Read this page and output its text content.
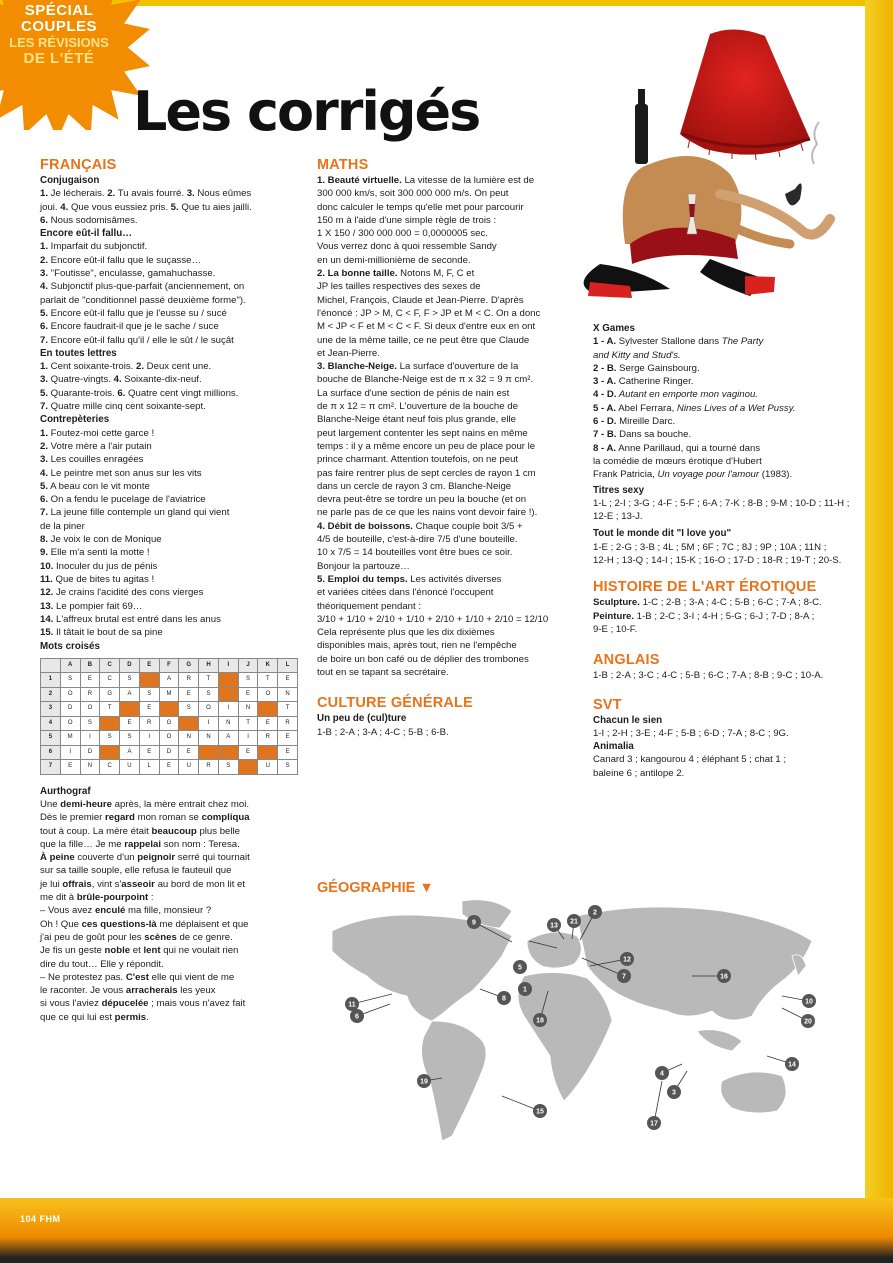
104 FHM
SPÉCIAL
COUPLES
LES RÉVISIONS
DE L'ÉTÉ
Les corrigés
FRANÇAIS
Conjugaison

1. Je lécherais. 2. Tu avais fourré. 3. Nous eûmes

joui. 4. Que vous eussiez pris. 5. Que tu aies jailli.

6. Nous sodomisâmes.

Encore eût-il fallu…

1. Imparfait du subjonctif.

2. Encore eût-il fallu que le suçasse…

3. "Foutisse", enculasse, gamahuchasse.

4. Subjonctif plus-que-parfait (anciennement, on

parlait de "conditionnel passé deuxième forme").

5. Encore eût-il fallu que je l'eusse su / sucé

6. Encore faudrait-il que je le sache / suce

7. Encore eût-il fallu qu'il / elle le sût / le suçât

En toutes lettres

1. Cent soixante-trois. 2. Deux cent une.

3. Quatre-vingts. 4. Soixante-dix-neuf.

5. Quarante-trois. 6. Quatre cent vingt millions.

7. Quatre mille cinq cent soixante-sept.

Contrepèteries

1. Foutez-moi cette garce !

2. Votre mère a l'air putain

3. Les couilles enragées

4. Le peintre met son anus sur les vits

5. A beau con le vit monte

6. On a fendu le pucelage de l'aviatrice

7. La jeune fille contemple un gland qui vient

de la piner

8. Je voix le con de Monique

9. Elle m'a senti la motte !

10. Inoculer du jus de pénis

11. Que de bites tu agitas !

12. Je crains l'acidité des cons vierges

13. Le pompier fait 69…

14. L'affreux brutal est entré dans les anus

15. Il tâtait le bout de sa pine

Mots croisés
	A	B	C	D	E	F	G	H	I	J	K	L
1	S	E	C	S		A	R	T		S	T	E
2	O	R	G	A	S	M	E	S		E	O	N
3	D	O	T		E		S	O	I	N		T
4	O	S		E	R	G		I	N	T	E	R
5	M	I	S	S	I	O	N	N	A	I	R	E
6	I	D		A	E	D	E			E		E
7	E	N	C	U	L	E	U	R	S		U	S
Aurthograf

Une demi-heure après, la mère entrait chez moi.

Dès le premier regard mon roman se compliqua

tout à coup. La mère était beaucoup plus belle

que la fille… Je me rappelai son nom : Teresa.

À peine couverte d'un peignoir serré qui tournait

sur sa taille souple, elle refusa le fauteuil que

je lui offrais, vint s'asseoir au bord de mon lit et

me dit à brûle-pourpoint :

– Vous avez enculé ma fille, monsieur ?

Oh ! Que ces questions-là me déplaisent et que

j'ai peu de goût pour les scènes de ce genre.

Je fis un geste noble et lent qui ne voulait rien

dire du tout… Elle y répondit.

– Ne protestez pas. C'est elle qui vient de me

le raconter. Je vous arracherais les yeux

si vous l'aviez dépucelée ; mais vous n'avez fait

que ce qui lui est permis.

MATHS

1. Beauté virtuelle. La vitesse de la lumière est de

300 000 km/s, soit 300 000 000 m/s. On peut

donc calculer le temps qu'elle met pour parcourir

150 m à l'aide d'une simple règle de trois :

1 X 150 / 300 000 000 = 0,0000005 sec.

Vous verrez donc à quoi ressemble Sandy

en un demi-millionième de seconde.

2. La bonne taille. Notons M, F, C et

JP les tailles respectives des sexes de

Michel, François, Claude et Jean-Pierre. D'après

l'énoncé : JP > M, C < F, F > JP et M < C. On a donc

M < JP < F et M < C < F. Si deux d'entre eux en ont

une de la même taille, ce ne peut être que Claude

et Jean-Pierre.

3. Blanche-Neige. La surface d'ouverture de la

bouche de Blanche-Neige est de π x 32 = 9 π cm².

La surface d'une section de pénis de nain est

de π x 12 = π cm². L'ouverture de la bouche de

Blanche-Neige étant neuf fois plus grande, elle

peut largement contenter les sept nains en même

temps : il y a même encore un peu de place pour le

prince charmant. Attention toutefois, on ne peut

pas faire rentrer plus de sept cercles de rayon 1 cm

dans un cercle de rayon 3 cm. Blanche-Neige

devra peut-être se tordre un peu la bouche (et on

ne parle pas de ce que les nains vont devoir faire !).

4. Débit de boissons. Chaque couple boit 3/5 +

4/5 de bouteille, c'est-à-dire 7/5 d'une bouteille.

10 x 7/5 = 14 bouteilles vont être bues ce soir.

Bonjour la partouze…

5. Emploi du temps. Les activités diverses

et variées citées dans l'énoncé l'occupent

théoriquement pendant :

3/10 + 1/10 + 2/10 + 1/10 + 2/10 + 1/10 + 2/10 = 12/10

Cela représente plus que les dix dixièmes

disponibles mais, après tout, rien ne l'empêche

de boire un bon café ou de déplier des trombones

tout en se tapant sa secrétaire.

CULTURE GÉNÉRALE
Un peu de (cul)ture

1-B ; 2-A ; 3-A ; 4-C ; 5-B ; 6-B.

GÉOGRAPHIE ▼
1
2
3
4
5
6
7
8
9
10
11
12
13
14
15
16
17
18
19
20
21
X Games

1 - A. Sylvester Stallone dans The Party

and Kitty and Stud's.

2 - B. Serge Gainsbourg.

3 - A. Catherine Ringer.

4 - D. Autant en emporte mon vaginou.

5 - A. Abel Ferrara, Nines Lives of a Wet Pussy.

6 - D. Mireille Darc.

7 - B. Dans sa bouche.

8 - A. Anne Parillaud, qui a tourné dans

la comédie de mœurs érotique d'Hubert

Frank Patricia, Un voyage pour l'amour (1983).

Titres sexy

1-L ; 2-I ; 3-G ; 4-F ; 5-F ; 6-A ; 7-K ; 8-B ; 9-M ; 10-D ; 11-H ;

12-E ; 13-J.

Tout le monde dit "I love you"

1-E ; 2-G ; 3-B ; 4L ; 5M ; 6F ; 7C ; 8J ; 9P ; 10A ; 11N ;

12-H ; 13-Q ; 14-I ; 15-K ; 16-O ; 17-D ; 18-R ; 19-T ; 20-S.

HISTOIRE DE L'ART ÉROTIQUE

Sculpture. 1-C ; 2-B ; 3-A ; 4-C ; 5-B ; 6-C ; 7-A ; 8-C.

Peinture. 1-B ; 2-C ; 3-I ; 4-H ; 5-G ; 6-J ; 7-D ; 8-A ;

9-E ; 10-F.

ANGLAIS

1-B ; 2-A ; 3-C ; 4-C ; 5-B ; 6-C ; 7-A ; 8-B ; 9-C ; 10-A.

SVT
Chacun le sien

1-I ; 2-H ; 3-E ; 4-F ; 5-B ; 6-D ; 7-A ; 8-C ; 9G.

Animalia

Canard 3 ; kangourou 4 ; éléphant 5 ; chat 1 ;

baleine 6 ; antilope 2.
